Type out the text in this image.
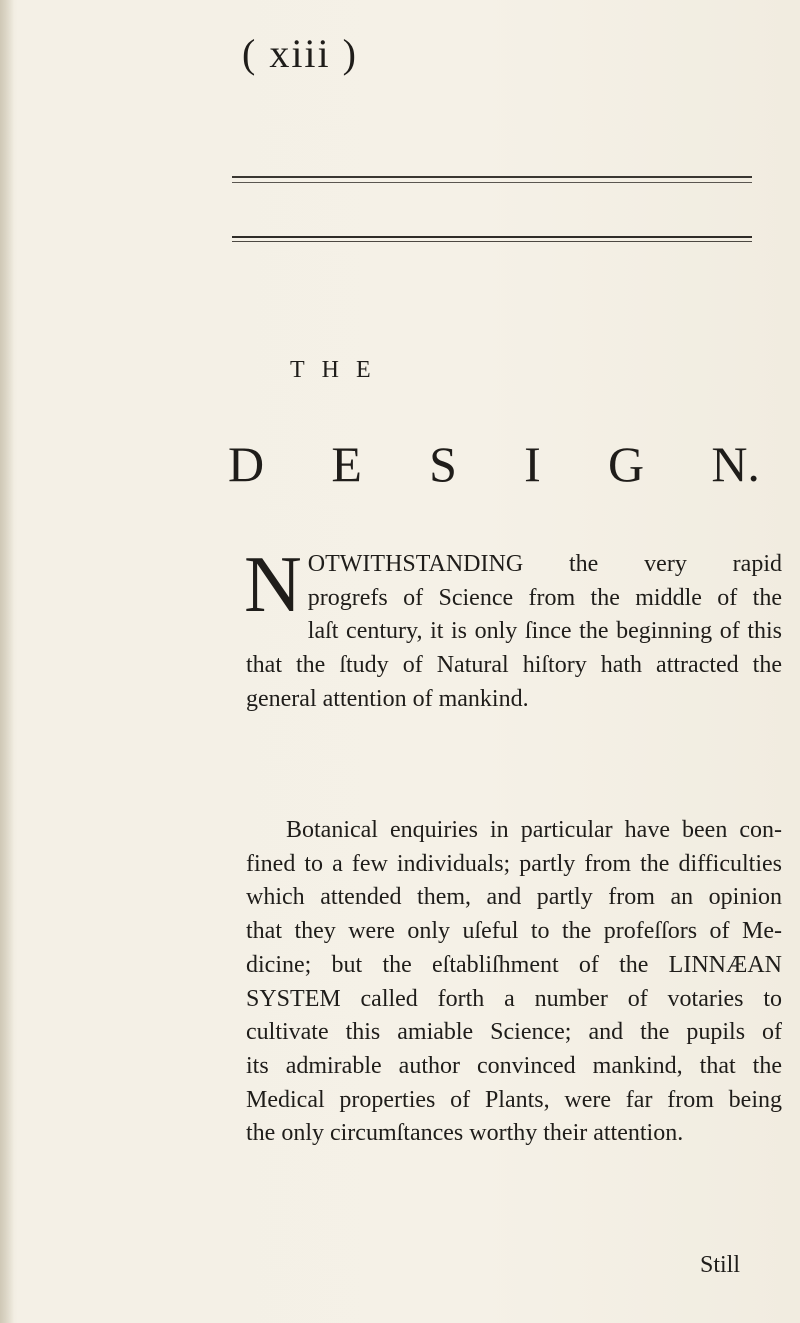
( xiii )
THE
D E S I G N.
N OTWITHSTANDING the very rapid
progrefs of Science from the middle of the
laſt century, it is only ſince the beginning of this
that the ſtudy of Natural hiſtory hath attracted the
general attention of mankind.
Botanical enquiries in particular have been con-
fined to a few individuals; partly from the difficulties
which attended them, and partly from an opinion
that they were only uſeful to the profeſſors of Me-
dicine; but the eſtabliſhment of the LINNÆAN
SYSTEM called forth a number of votaries to
cultivate this amiable Science; and the pupils of
its admirable author convinced mankind, that the
Medical properties of Plants, were far from being
the only circumſtances worthy their attention.
Still
